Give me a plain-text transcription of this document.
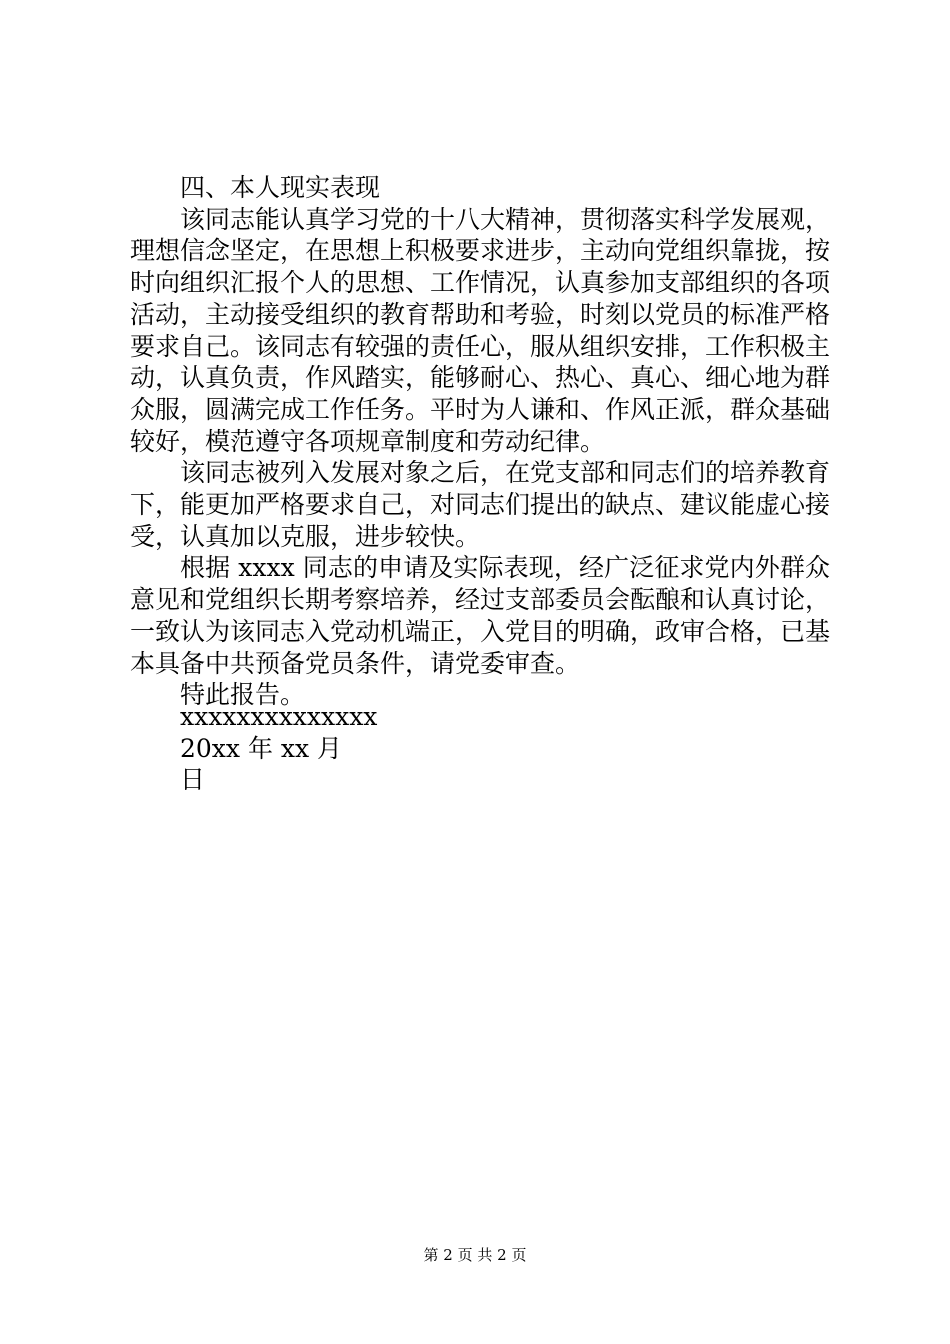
四、本人现实表现

该同志能认真学习党的十八大精神，贯彻落实科学发展观，理想信念坚定，在思想上积极要求进步，主动向党组织靠拢，按时向组织汇报个人的思想、工作情况，认真参加支部组织的各项活动，主动接受组织的教育帮助和考验，时刻以党员的标准严格要求自己。该同志有较强的责任心，服从组织安排，工作积极主动，认真负责，作风踏实，能够耐心、热心、真心、细心地为群众服，圆满完成工作任务。平时为人谦和、作风正派，群众基础较好，模范遵守各项规章制度和劳动纪律。

该同志被列入发展对象之后，在党支部和同志们的培养教育下，能更加严格要求自己，对同志们提出的缺点、建议能虚心接受，认真加以克服，进步较快。

根据 xxxx 同志的申请及实际表现，经广泛征求党内外群众意见和党组织长期考察培养，经过支部委员会酝酿和认真讨论，一致认为该同志入党动机端正，入党目的明确，政审合格，已基本具备中共预备党员条件，请党委审查。

特此报告。

xxxxxxxxxxxxxx
20xx 年 xx 月
日
第 2 页 共 2 页
